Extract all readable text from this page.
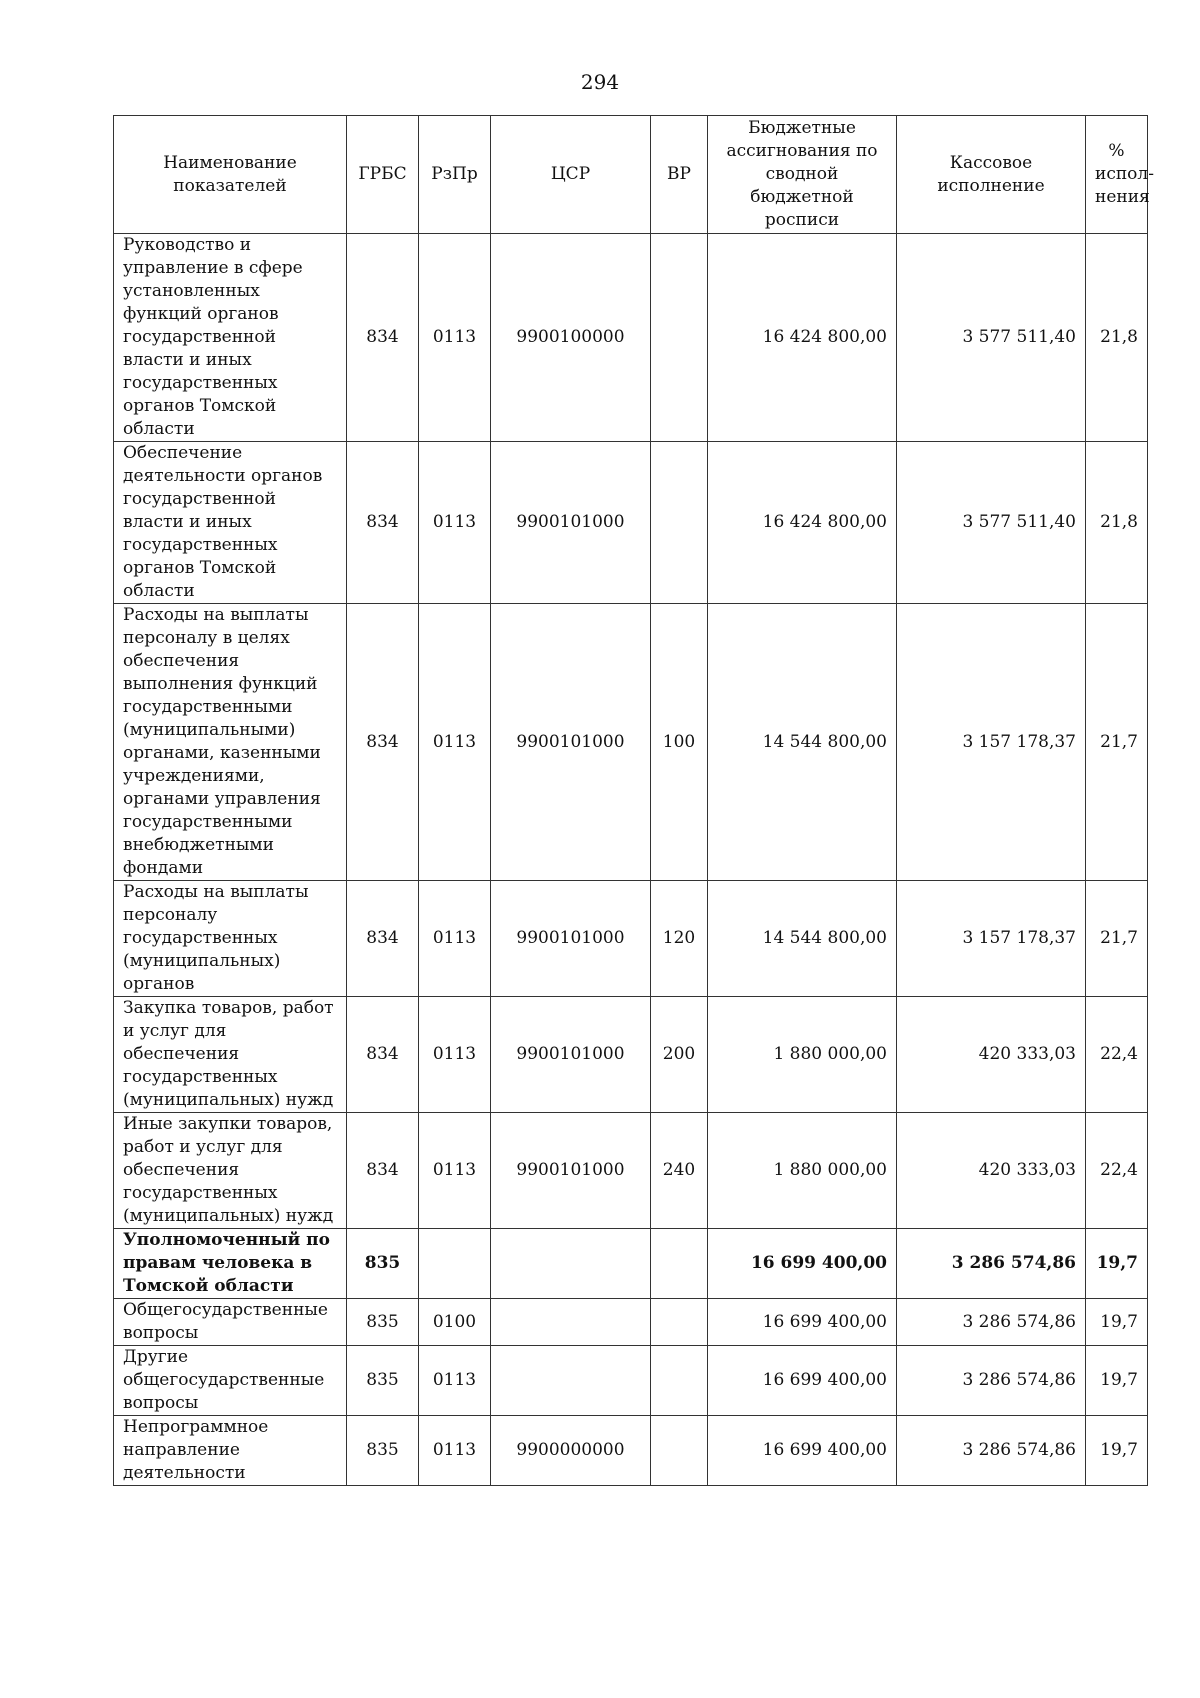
294
Наименование показателей	ГРБС	РзПр	ЦСР	ВР	Бюджетные ассигнования по сводной бюджетной росписи	Кассовое исполнение	% испол-нения
Руководство и управление в сфере установленных функций органов государственной власти и иных государственных органов Томской области	834	0113	9900100000		16 424 800,00	3 577 511,40	21,8
Обеспечение деятельности органов государственной власти и иных государственных органов Томской области	834	0113	9900101000		16 424 800,00	3 577 511,40	21,8
Расходы на выплаты персоналу в целях обеспечения выполнения функций государственными (муниципальными) органами, казенными учреждениями, органами управления государственными внебюджетными фондами	834	0113	9900101000	100	14 544 800,00	3 157 178,37	21,7
Расходы на выплаты персоналу государственных (муниципальных) органов	834	0113	9900101000	120	14 544 800,00	3 157 178,37	21,7
Закупка товаров, работ и услуг для обеспечения государственных (муниципальных) нужд	834	0113	9900101000	200	1 880 000,00	420 333,03	22,4
Иные закупки товаров, работ и услуг для обеспечения государственных (муниципальных) нужд	834	0113	9900101000	240	1 880 000,00	420 333,03	22,4
Уполномоченный по правам человека в Томской области	835				16 699 400,00	3 286 574,86	19,7
Общегосударственные вопросы	835	0100			16 699 400,00	3 286 574,86	19,7
Другие общегосударственные вопросы	835	0113			16 699 400,00	3 286 574,86	19,7
Непрограммное направление деятельности	835	0113	9900000000		16 699 400,00	3 286 574,86	19,7
